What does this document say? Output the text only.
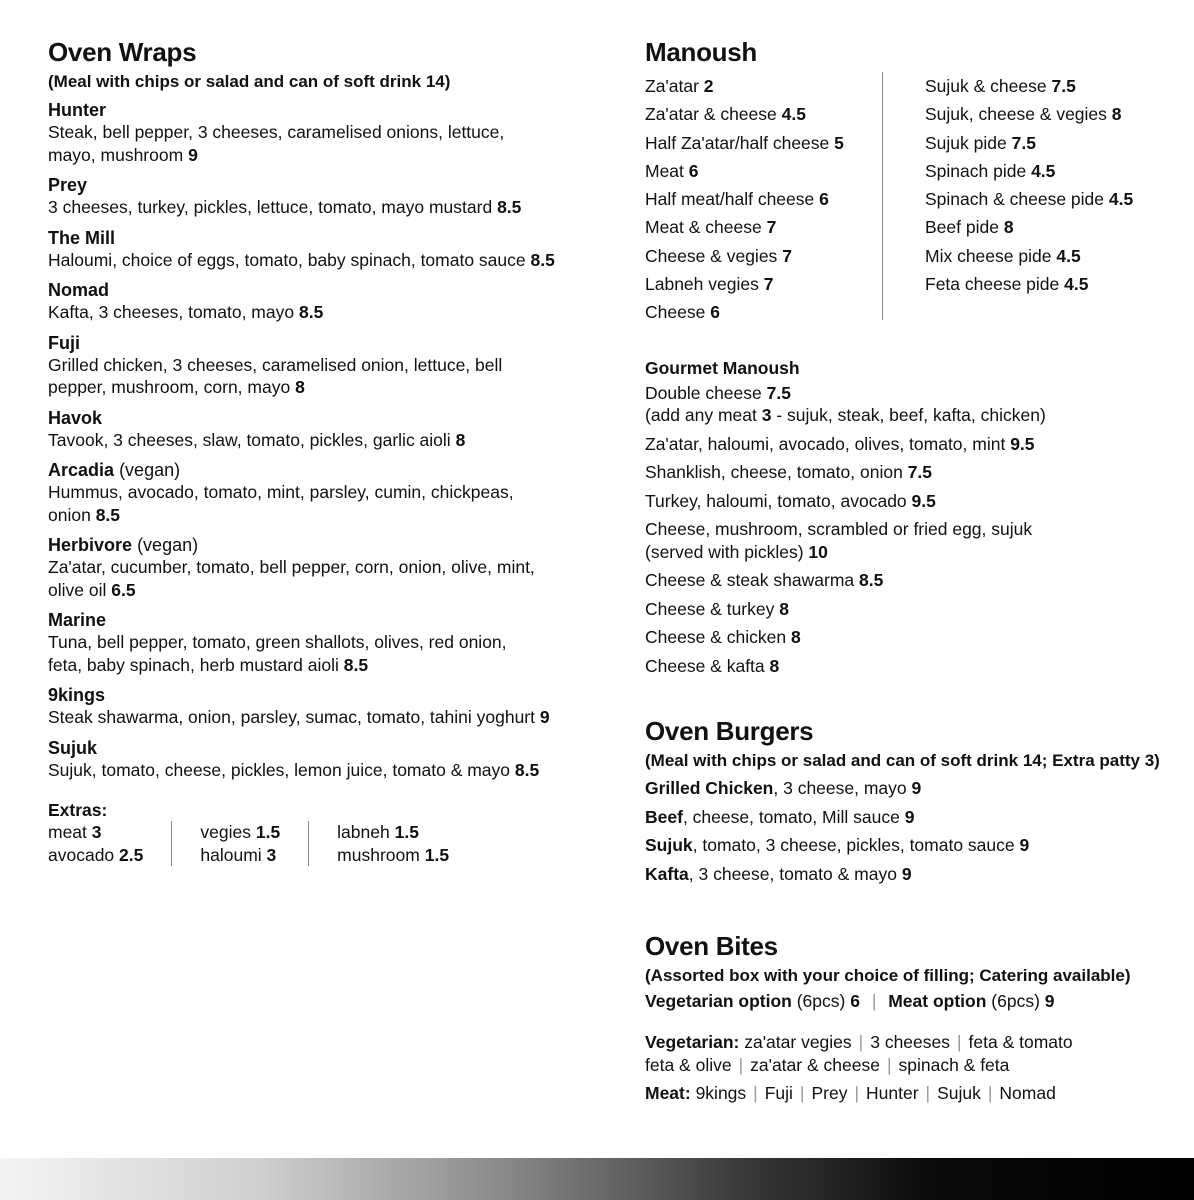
Oven Wraps
(Meal with chips or salad and can of soft drink 14)
Hunter
Steak, bell pepper, 3 cheeses, caramelised onions, lettuce,
mayo, mushroom 9
Prey
3 cheeses, turkey, pickles, lettuce, tomato, mayo mustard 8.5
The Mill
Haloumi, choice of eggs, tomato, baby spinach, tomato sauce 8.5
Nomad
Kafta, 3 cheeses, tomato, mayo 8.5
Fuji
Grilled chicken, 3 cheeses, caramelised onion, lettuce, bell
pepper, mushroom, corn, mayo 8
Havok
Tavook, 3 cheeses, slaw, tomato, pickles, garlic aioli 8
Arcadia (vegan)
Hummus, avocado, tomato, mint, parsley, cumin, chickpeas,
onion 8.5
Herbivore (vegan)
Za'atar, cucumber, tomato, bell pepper, corn, onion, olive, mint,
olive oil 6.5
Marine
Tuna, bell pepper, tomato, green shallots, olives, red onion,
feta, baby spinach, herb mustard aioli 8.5
9kings
Steak shawarma, onion, parsley, sumac, tomato, tahini yoghurt 9
Sujuk
Sujuk, tomato, cheese, pickles, lemon juice, tomato & mayo 8.5
Extras:
meat 3
avocado 2.5
vegies 1.5
haloumi 3
labneh 1.5
mushroom 1.5
Manoush
Za'atar 2
Za'atar & cheese 4.5
Half Za'atar/half cheese 5
Meat 6
Half meat/half cheese 6
Meat & cheese 7
Cheese & vegies 7
Labneh vegies 7
Cheese 6
Sujuk & cheese 7.5
Sujuk, cheese & vegies 8
Sujuk pide 7.5
Spinach pide 4.5
Spinach & cheese pide 4.5
Beef pide 8
Mix cheese pide 4.5
Feta cheese pide 4.5
Gourmet Manoush
Double cheese 7.5
(add any meat 3 - sujuk, steak, beef, kafta, chicken)
Za'atar, haloumi, avocado, olives, tomato, mint 9.5
Shanklish, cheese, tomato, onion 7.5
Turkey, haloumi, tomato, avocado 9.5
Cheese, mushroom, scrambled or fried egg, sujuk
(served with pickles) 10
Cheese & steak shawarma 8.5
Cheese & turkey 8
Cheese & chicken 8
Cheese & kafta 8
Oven Burgers
(Meal with chips or salad and can of soft drink 14; Extra patty 3)
Grilled Chicken, 3 cheese, mayo 9
Beef, cheese, tomato, Mill sauce 9
Sujuk, tomato, 3 cheese, pickles, tomato sauce 9
Kafta, 3 cheese, tomato & mayo 9
Oven Bites
(Assorted box with your choice of filling; Catering available)
Vegetarian option (6pcs) 6 | Meat option (6pcs) 9
Vegetarian: za'atar vegies | 3 cheeses | feta & tomato
feta & olive | za'atar & cheese | spinach & feta
Meat: 9kings | Fuji | Prey | Hunter | Sujuk | Nomad
